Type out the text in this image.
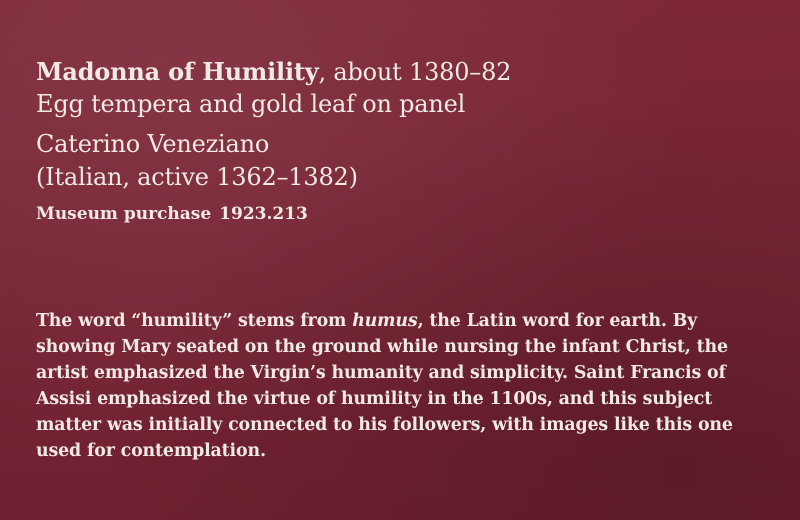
Madonna of Humility, about 1380–82
Egg tempera and gold leaf on panel
Caterino Veneziano
(Italian, active 1362–1382)
Museum purchase 1923.213
The word “humility” stems from humus, the Latin word for earth. By
showing Mary seated on the ground while nursing the infant Christ, the
artist emphasized the Virgin’s humanity and simplicity. Saint Francis of
Assisi emphasized the virtue of humility in the 1100s, and this subject
matter was initially connected to his followers, with images like this one
used for contemplation.
